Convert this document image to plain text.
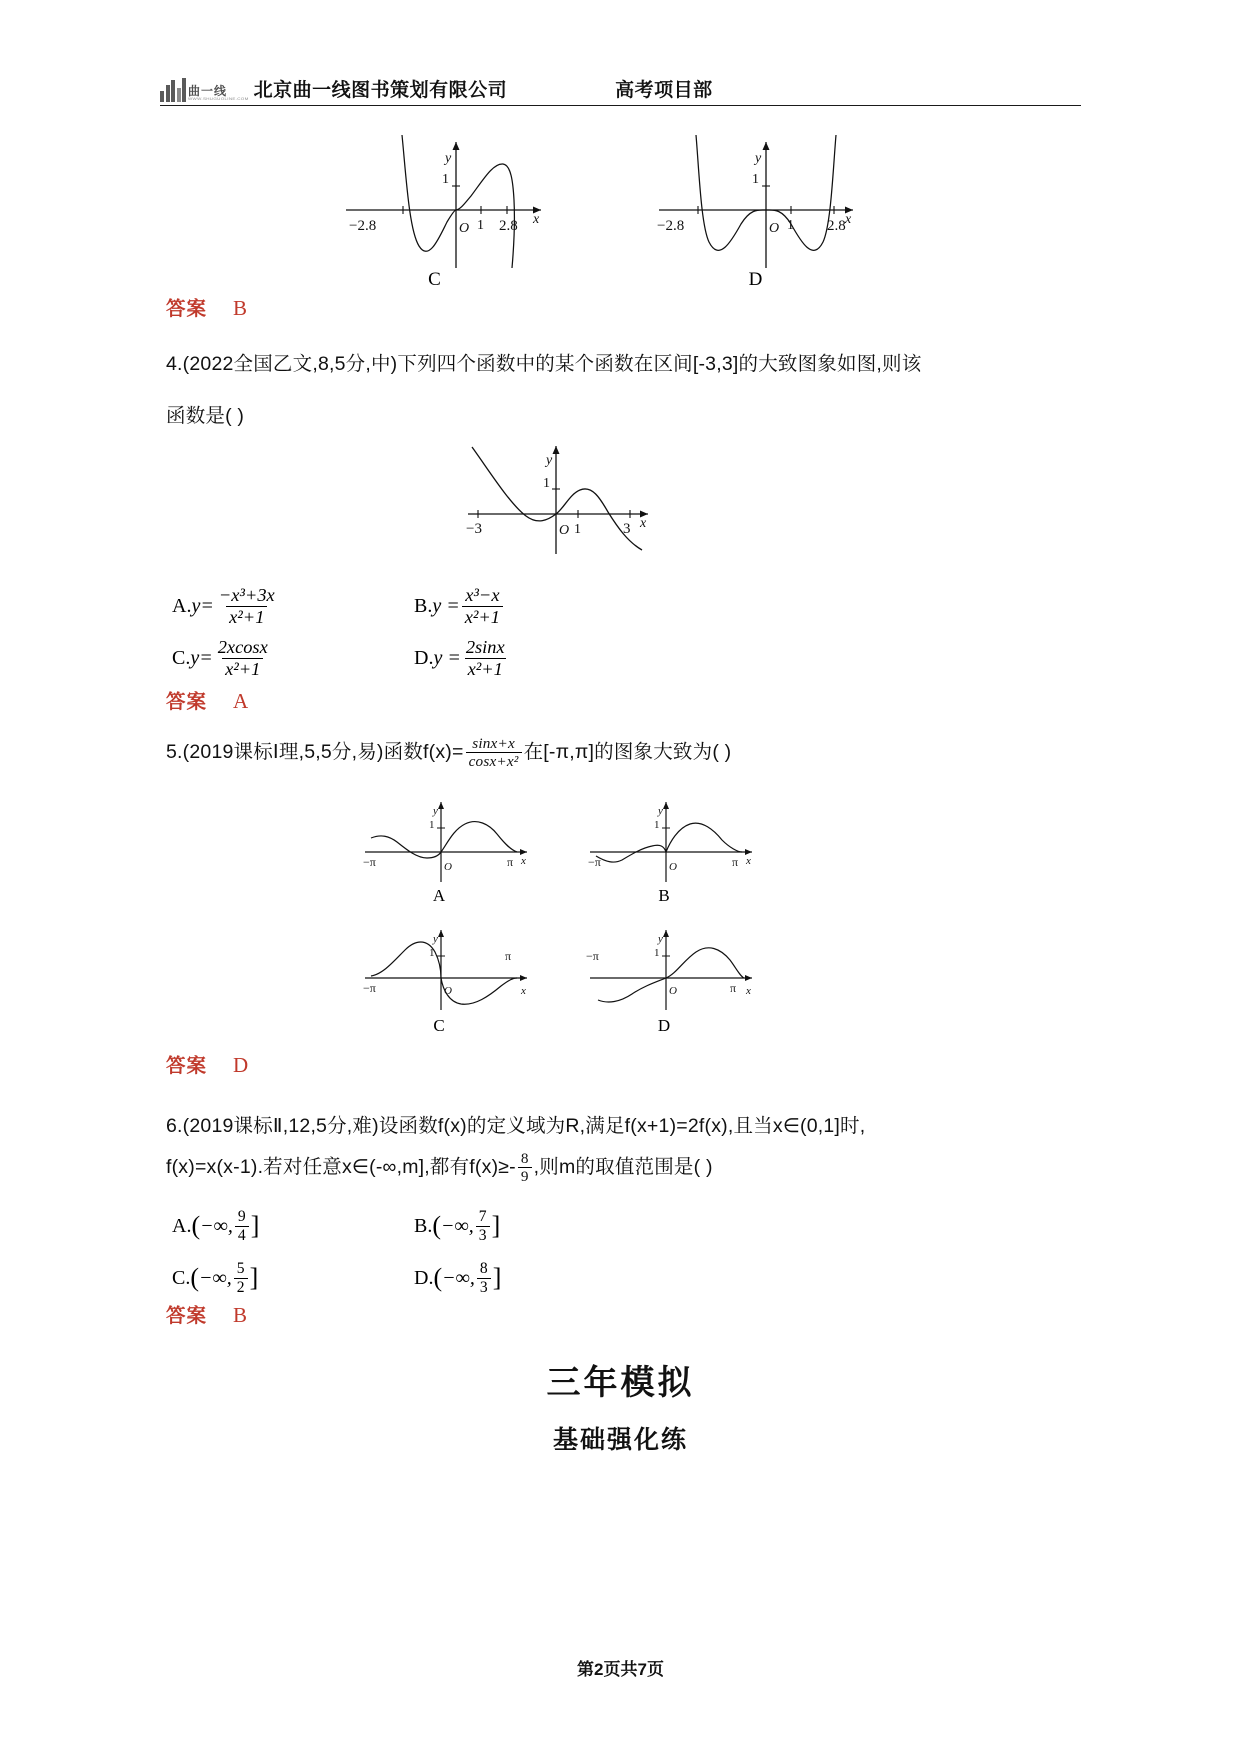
曲一线
WWW.SHUGUOLINE.COM 北京曲一线图书策划有限公司	高考项目部
y
x
1
1
O
−2.8	2.8
C
y
x
1
1
O
−2.8	2.8
D
答案 B
4.(2022全国乙文,8,5分,中)下列四个函数中的某个函数在区间[-3,3]的大致图象如图,则该
函数是( )
y
x
1
1
O
−3	3
A. $y= \frac{\text{−x³+3x}}{\text{x²+1}}$	B. $y = \frac{\text{x³−x}}{\text{x²+1}}$
C. $y= \frac{2xcosx}{\text{x²+1}}$	D. $y = \frac{2\sin x}{\text{x²+1}}$
答案 A
5.(2019课标Ⅰ理,5,5分,易)函数$f(x)= \frac{\sin x+x}{\text{cosx+x²}}$ 在[-π,π]的图象大致为( )
y
x
1
O
−π	π
A
y
x
1
O
−π	π
B
y
x
1
O
−π
π
C
y
x
1
O
−π
π
D
答案 D
6.(2019课标Ⅱ,12,5分,难)设函数f(x)的定义域为R,满足f(x+1)=2f(x),且当x∈(0,1]时,
f(x)=x(x-1).若对任意x∈(-∞,m],都有$f(x)\ge- \frac{8}{9}$ ,则m的取值范围是( )
A. ( −∞, $\frac{9}{4}$ ]	B. ( −∞, $\frac{7}{3}$ ]
C. ( −∞, $\frac{5}{2}$ ]	D. ( −∞, $\frac{8}{3}$ ]
答案 B
三年模拟
基础强化练
第2页共7页
